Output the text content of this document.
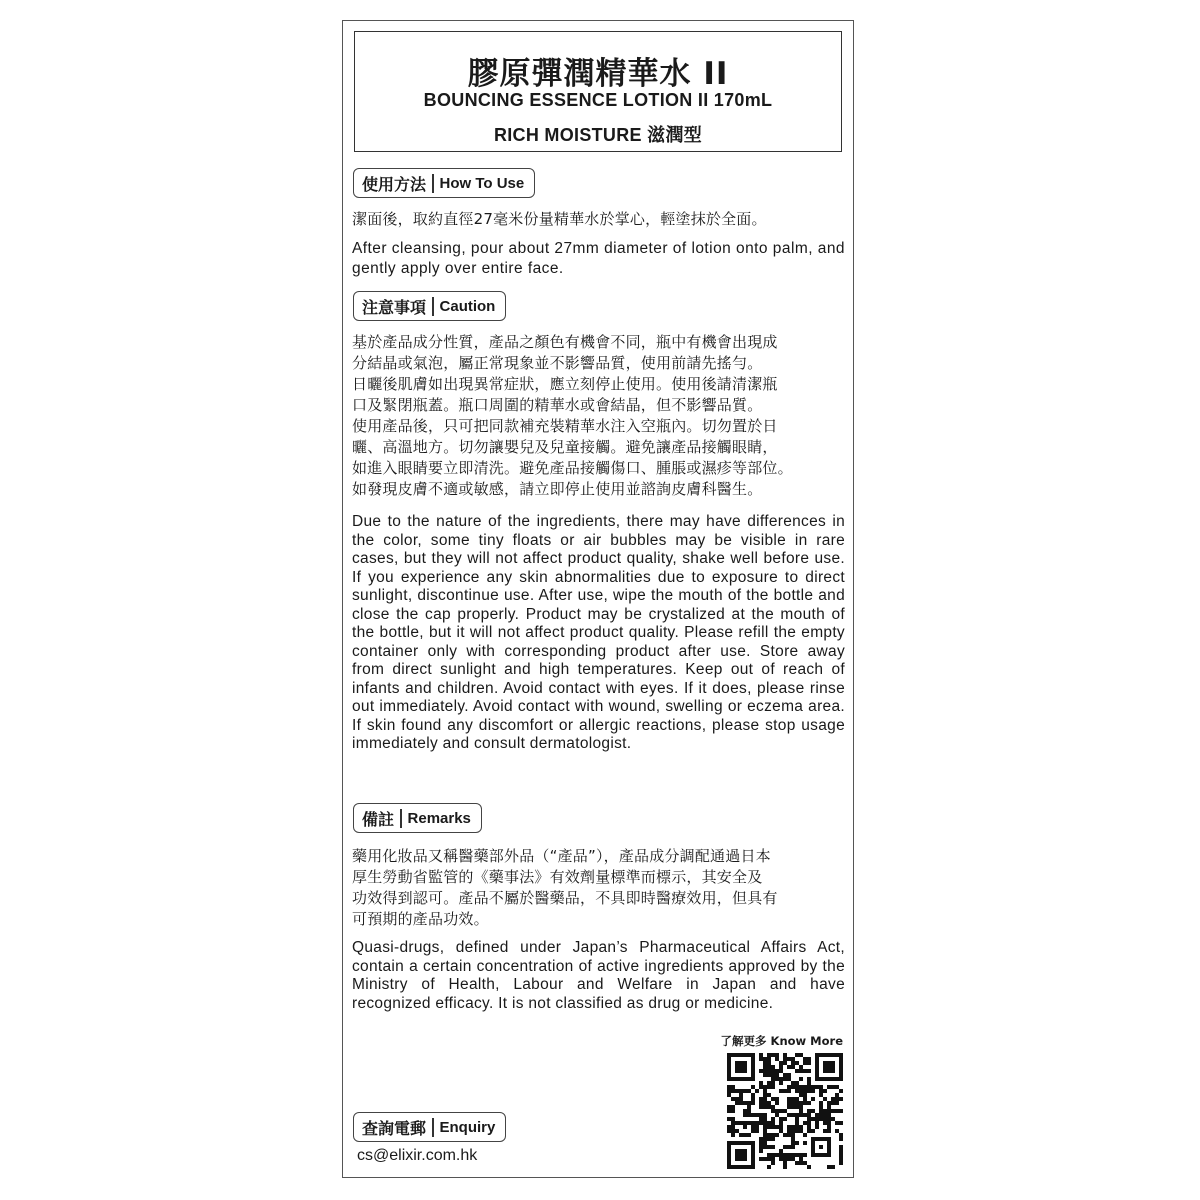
膠原彈潤精華水 II
BOUNCING ESSENCE LOTION II 170mL
RICH MOISTURE 滋潤型
使用方法 How To Use
潔面後，取約直徑27毫米份量精華水於掌心，輕塗抹於全面。
After cleansing, pour about 27mm diameter of lotion onto palm, and gently apply over entire face.
注意事項 Caution
基於產品成分性質，產品之顏色有機會不同，瓶中有機會出現成
分結晶或氣泡，屬正常現象並不影響品質，使用前請先搖勻。
日曬後肌膚如出現異常症狀，應立刻停止使用。使用後請清潔瓶
口及緊閉瓶蓋。瓶口周圍的精華水或會結晶，但不影響品質。
使用產品後，只可把同款補充裝精華水注入空瓶內。切勿置於日
曬、高溫地方。切勿讓嬰兒及兒童接觸。避免讓產品接觸眼睛，
如進入眼睛要立即清洗。避免產品接觸傷口、腫脹或濕疹等部位。
如發現皮膚不適或敏感，請立即停止使用並諮詢皮膚科醫生。
Due to the nature of the ingredients, there may have differences in the color, some tiny floats or air bubbles may be visible in rare cases, but they will not affect product quality, shake well before use. If you experience any skin abnormalities due to exposure to direct sunlight, discontinue use. After use, wipe the mouth of the bottle and close the cap properly. Product may be crystalized at the mouth of the bottle, but it will not affect product quality. Please refill the empty container only with corresponding product after use. Store away from direct sunlight and high temperatures. Keep out of reach of infants and children. Avoid contact with eyes. If it does, please rinse out immediately. Avoid contact with wound, swelling or eczema area. If skin found any discomfort or allergic reactions, please stop usage immediately and consult dermatologist.
備註 Remarks
藥用化妝品又稱醫藥部外品（“產品”），產品成分調配通過日本
厚生勞動省監管的《藥事法》有效劑量標準而標示，其安全及
功效得到認可。產品不屬於醫藥品，不具即時醫療效用，但具有
可預期的產品功效。
Quasi-drugs, defined under Japan’s Pharmaceutical Affairs Act, contain a certain concentration of active ingredients approved by the Ministry of Health, Labour and Welfare in Japan and have recognized efficacy. It is not classified as drug or medicine.
了解更多 Know More
查詢電郵 Enquiry
cs@elixir.com.hk
